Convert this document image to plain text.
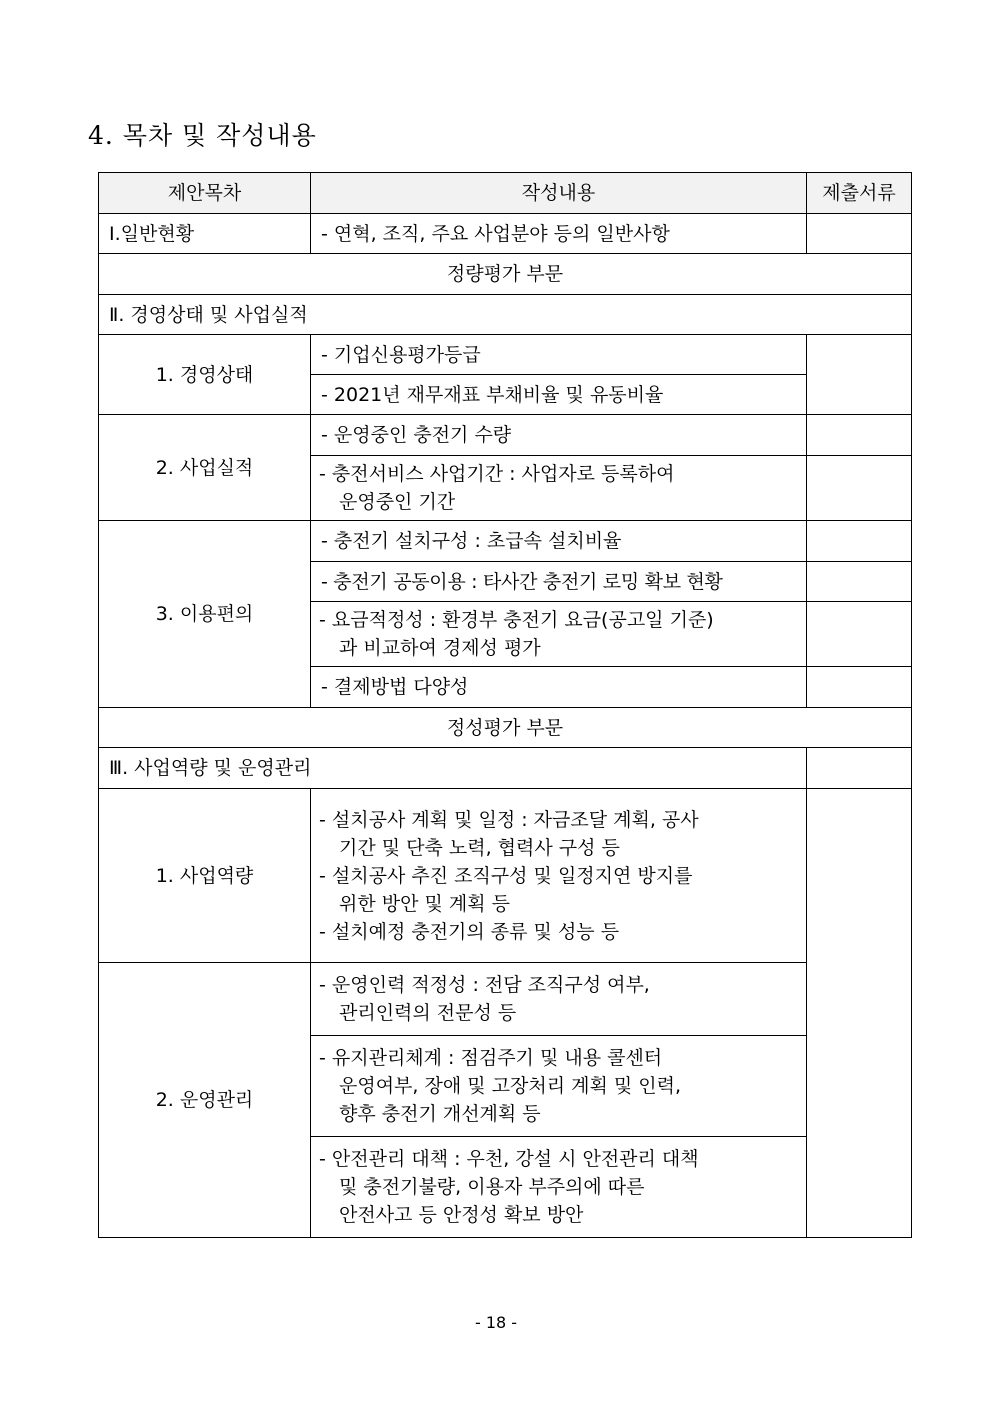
4. 목차 및 작성내용
제안목차	작성내용	제출서류
Ⅰ.일반현황	- 연혁, 조직, 주요 사업분야 등의 일반사항	
정량평가 부문		
Ⅱ. 경영상태 및 사업실적		
1. 경영상태	- 기업신용평가등급	
	- 2021년 재무재표 부채비율 및 유동비율	
2. 사업실적	- 운영중인 충전기 수량	
	- 충전서비스 사업기간 : 사업자로 등록하여
운영중인 기간	
3. 이용편의	- 충전기 설치구성 : 초급속 설치비율	
	- 충전기 공동이용 : 타사간 충전기 로밍 확보 현황	
	- 요금적정성 : 환경부 충전기 요금(공고일 기준)
과 비교하여 경제성 평가	
	- 결제방법 다양성	
정성평가 부문		
Ⅲ. 사업역량 및 운영관리		
1. 사업역량	- 설치공사 계획 및 일정 : 자금조달 계획, 공사
기간 및 단축 노력, 협력사 구성 등
- 설치공사 추진 조직구성 및 일정지연 방지를
위한 방안 및 계획 등
- 설치예정 충전기의 종류 및 성능 등	

2. 운영관리	- 운영인력 적정성 : 전담 조직구성 여부,
관리인력의 전문성 등	
	- 유지관리체계 : 점검주기 및 내용 콜센터
운영여부, 장애 및 고장처리 계획 및 인력,
향후 충전기 개선계획 등	
	- 안전관리 대책 : 우천, 강설 시 안전관리 대책
및 충전기불량, 이용자 부주의에 따른
안전사고 등 안정성 확보 방안	
- 18 -
